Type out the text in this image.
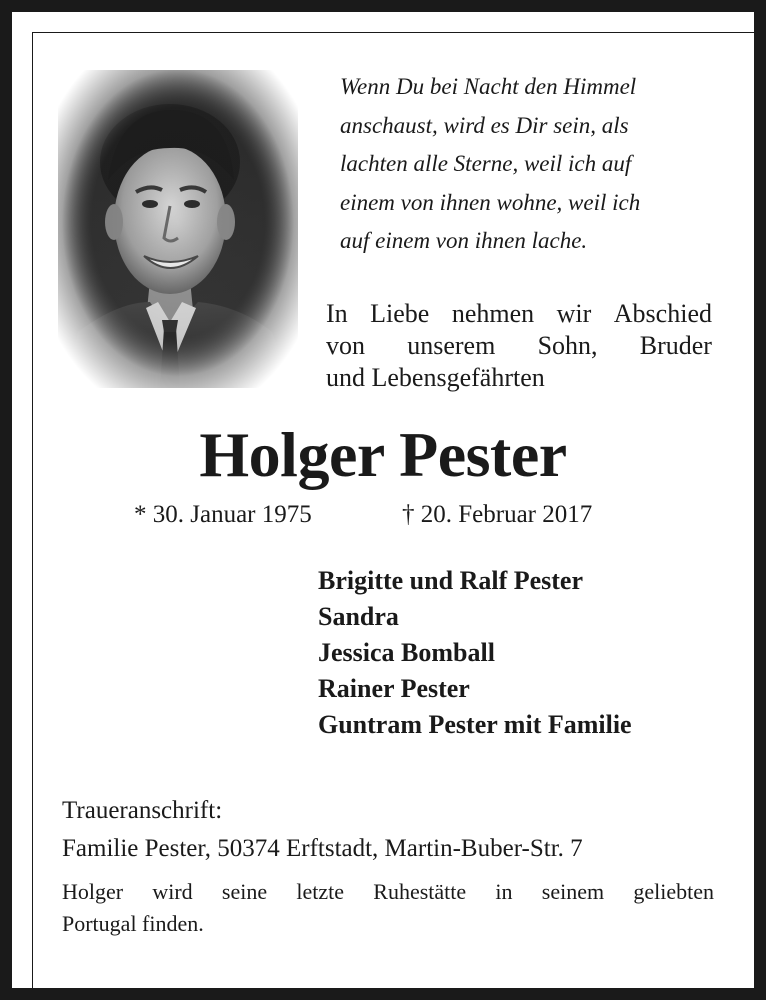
Wenn Du bei Nacht den Himmel
anschaust, wird es Dir sein, als
lachten alle Sterne, weil ich auf
einem von ihnen wohne, weil ich
auf einem von ihnen lache.
In Liebe nehmen wir Abschied
von unserem Sohn, Bruder
und Lebensgefährten
Holger Pester
* 30. Januar 1975	† 20. Februar 2017
Brigitte und Ralf Pester
Sandra
Jessica Bomball
Rainer Pester
Guntram Pester mit Familie
Traueranschrift:
Familie Pester, 50374 Erftstadt, Martin-Buber-Str. 7
Holger wird seine letzte Ruhestätte in seinem geliebten
Portugal finden.
